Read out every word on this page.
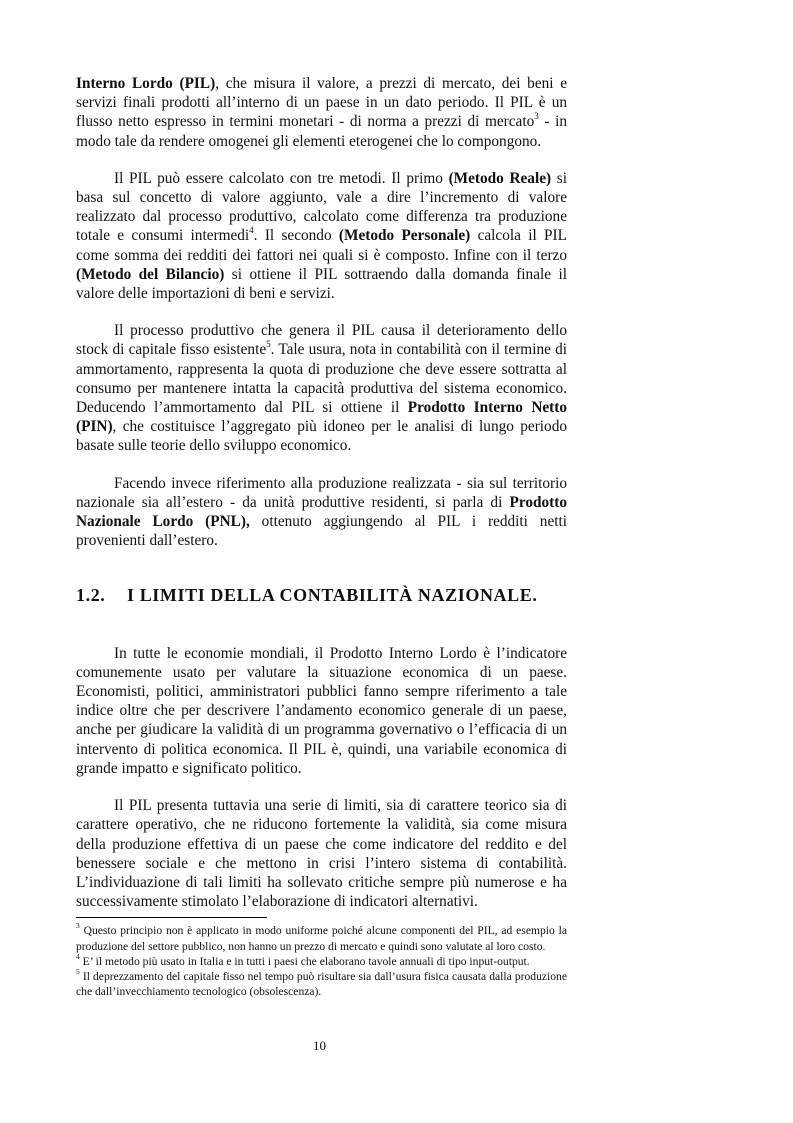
Interno Lordo (PIL), che misura il valore, a prezzi di mercato, dei beni e servizi finali prodotti all’interno di un paese in un dato periodo. Il PIL è un flusso netto espresso in termini monetari - di norma a prezzi di mercato$^3$ - in modo tale da rendere omogenei gli elementi eterogenei che lo compongono.

Il PIL può essere calcolato con tre metodi. Il primo (Metodo Reale) si basa sul concetto di valore aggiunto, vale a dire l’incremento di valore realizzato dal processo produttivo, calcolato come differenza tra produzione totale e consumi intermedi$^4$. Il secondo (Metodo Personale) calcola il PIL come somma dei redditi dei fattori nei quali si è composto. Infine con il terzo (Metodo del Bilancio) si ottiene il PIL sottraendo dalla domanda finale il valore delle importazioni di beni e servizi.

Il processo produttivo che genera il PIL causa il deterioramento dello stock di capitale fisso esistente$^5$. Tale usura, nota in contabilità con il termine di ammortamento, rappresenta la quota di produzione che deve essere sottratta al consumo per mantenere intatta la capacità produttiva del sistema economico. Deducendo l’ammortamento dal PIL si ottiene il Prodotto Interno Netto (PIN), che costituisce l’aggregato più idoneo per le analisi di lungo periodo basate sulle teorie dello sviluppo economico.

Facendo invece riferimento alla produzione realizzata - sia sul territorio nazionale sia all’estero - da unità produttive residenti, si parla di Prodotto Nazionale Lordo (PNL), ottenuto aggiungendo al PIL i redditi netti provenienti dall’estero.

1.2. I LIMITI DELLA CONTABILITÀ NAZIONALE.

In tutte le economie mondiali, il Prodotto Interno Lordo è l’indicatore comunemente usato per valutare la situazione economica di un paese. Economisti, politici, amministratori pubblici fanno sempre riferimento a tale indice oltre che per descrivere l’andamento economico generale di un paese, anche per giudicare la validità di un programma governativo o l’efficacia di un intervento di politica economica. Il PIL è, quindi, una variabile economica di grande impatto e significato politico.

Il PIL presenta tuttavia una serie di limiti, sia di carattere teorico sia di carattere operativo, che ne riducono fortemente la validità, sia come misura della produzione effettiva di un paese che come indicatore del reddito e del benessere sociale e che mettono in crisi l’intero sistema di contabilità. L’individuazione di tali limiti ha sollevato critiche sempre più numerose e ha successivamente stimolato l’elaborazione di indicatori alternativi.

$^3$ Questo principio non è applicato in modo uniforme poiché alcune componenti del PIL, ad esempio la produzione del settore pubblico, non hanno un prezzo di mercato e quindi sono valutate al loro costo.

$^4$ E’ il metodo più usato in Italia e in tutti i paesi che elaborano tavole annuali di tipo input-output.

$^5$ Il deprezzamento del capitale fisso nel tempo può risultare sia dall’usura fisica causata dalla produzione che dall’invecchiamento tecnologico (obsolescenza).

10
